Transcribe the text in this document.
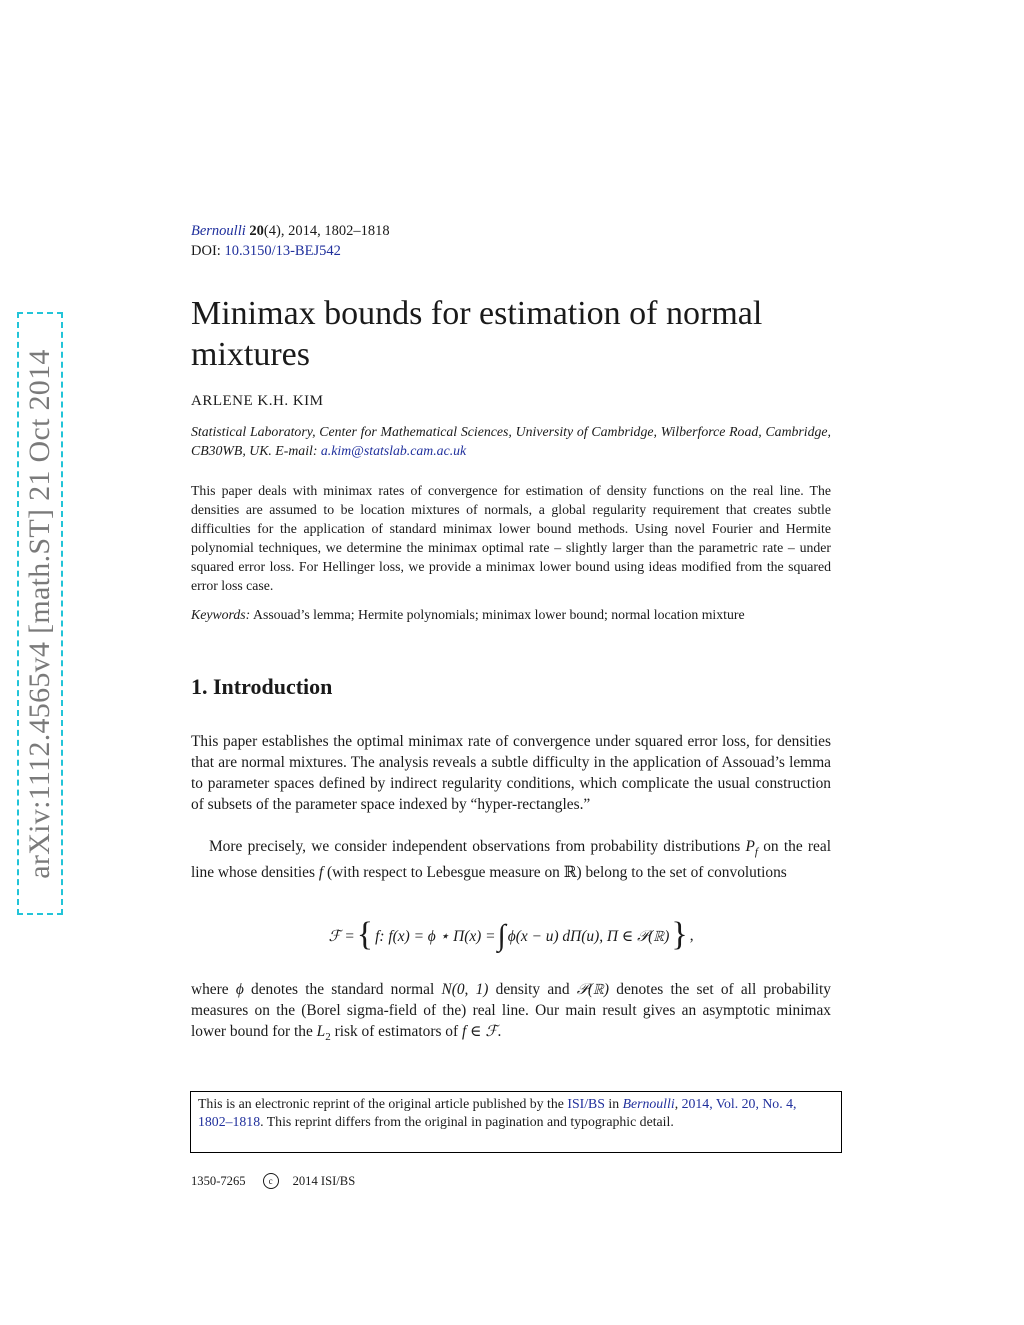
arXiv:1112.4565v4 [math.ST] 21 Oct 2014
Bernoulli 20(4), 2014, 1802–1818
DOI: 10.3150/13-BEJ542
Minimax bounds for estimation of normal mixtures
ARLENE K.H. KIM
Statistical Laboratory, Center for Mathematical Sciences, University of Cambridge, Wilberforce Road, Cambridge, CB30WB, UK. E-mail: a.kim@statslab.cam.ac.uk
This paper deals with minimax rates of convergence for estimation of density functions on the real line. The densities are assumed to be location mixtures of normals, a global regularity requirement that creates subtle difficulties for the application of standard minimax lower bound methods. Using novel Fourier and Hermite polynomial techniques, we determine the minimax optimal rate – slightly larger than the parametric rate – under squared error loss. For Hellinger loss, we provide a minimax lower bound using ideas modified from the squared error loss case.
Keywords: Assouad’s lemma; Hermite polynomials; minimax lower bound; normal location mixture
1. Introduction
This paper establishes the optimal minimax rate of convergence under squared error loss, for densities that are normal mixtures. The analysis reveals a subtle difficulty in the application of Assouad’s lemma to parameter spaces defined by indirect regularity conditions, which complicate the usual construction of subsets of the parameter space indexed by “hyper-rectangles.”
More precisely, we consider independent observations from probability distributions $P_f$ on the real line whose densities f (with respect to Lebesgue measure on ℝ) belong to the set of convolutions
ℱ = { f: f(x) = ϕ ⋆ Π(x) = ∫ ϕ(x − u) dΠ(u), Π ∈ 𝒫(ℝ) } ,
where ϕ denotes the standard normal N(0, 1) density and 𝒫(ℝ) denotes the set of all probability measures on the (Borel sigma-field of the) real line. Our main result gives an asymptotic minimax lower bound for the $L_2$ risk of estimators of f ∈ ℱ.
This is an electronic reprint of the original article published by the ISI/BS in Bernoulli, 2014, Vol. 20, No. 4, 1802–1818. This reprint differs from the original in pagination and typographic detail.
1350-7265	c	2014 ISI/BS
